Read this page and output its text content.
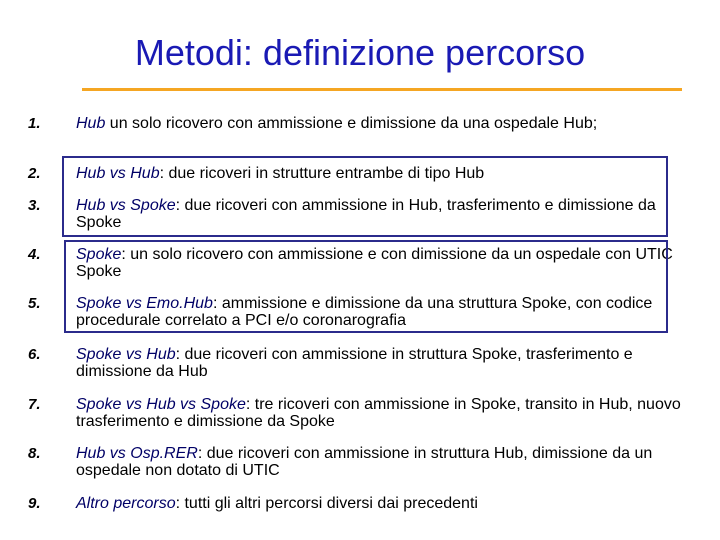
Metodi: definizione percorso
1. Hub un solo ricovero con ammissione e dimissione da una ospedale Hub;
2. Hub vs Hub: due ricoveri in strutture entrambe di tipo Hub
3. Hub vs Spoke: due ricoveri con ammissione in Hub, trasferimento e dimissione da Spoke
4. Spoke: un solo ricovero con ammissione e con dimissione da un ospedale con UTIC Spoke
5. Spoke vs Emo.Hub: ammissione e dimissione da una struttura Spoke, con codice procedurale correlato a PCI e/o coronarografia
6. Spoke vs Hub: due ricoveri con ammissione in struttura Spoke, trasferimento e dimissione da Hub
7. Spoke vs Hub vs Spoke: tre ricoveri con ammissione in Spoke, transito in Hub, nuovo trasferimento e dimissione da Spoke
8. Hub vs Osp.RER: due ricoveri con ammissione in struttura Hub, dimissione da un ospedale non dotato di UTIC
9. Altro percorso: tutti gli altri percorsi diversi dai precedenti
